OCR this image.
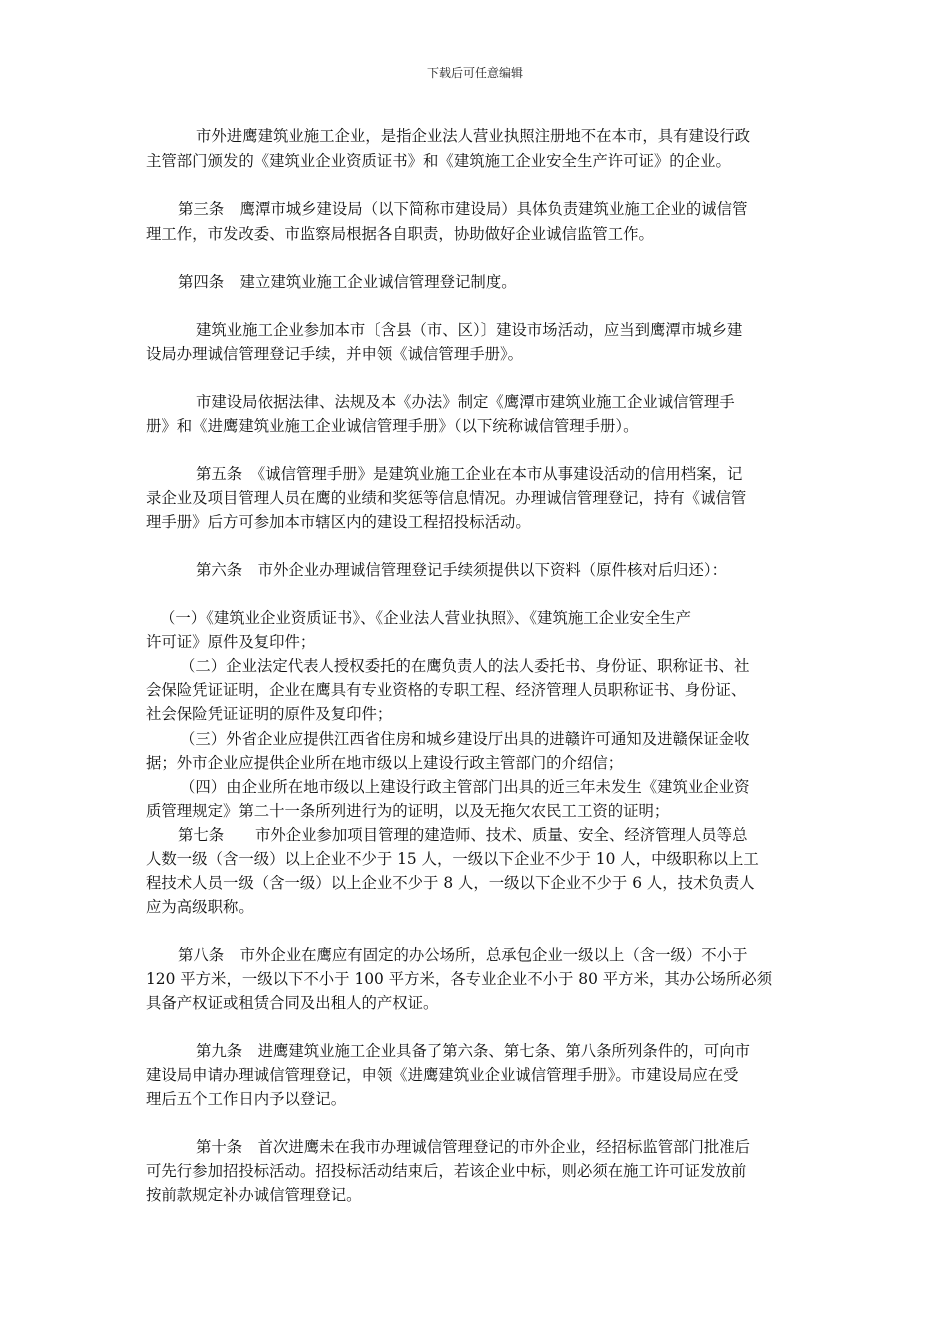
下载后可任意编辑
市外进鹰建筑业施工企业，是指企业法人营业执照注册地不在本市，具有建设行政
主管部门颁发的《建筑业企业资质证书》和《建筑施工企业安全生产许可证》的企业。
第三条　鹰潭市城乡建设局（以下简称市建设局）具体负责建筑业施工企业的诚信管
理工作，市发改委、市监察局根据各自职责，协助做好企业诚信监管工作。
第四条　建立建筑业施工企业诚信管理登记制度。
建筑业施工企业参加本市〔含县（市、区）〕建设市场活动，应当到鹰潭市城乡建
设局办理诚信管理登记手续，并申领《诚信管理手册》。
市建设局依据法律、法规及本《办法》制定《鹰潭市建筑业施工企业诚信管理手
册》和《进鹰建筑业施工企业诚信管理手册》（以下统称诚信管理手册）。
第五条　《诚信管理手册》是建筑业施工企业在本市从事建设活动的信用档案，记
录企业及项目管理人员在鹰的业绩和奖惩等信息情况。办理诚信管理登记，持有《诚信管
理手册》后方可参加本市辖区内的建设工程招投标活动。
第六条　市外企业办理诚信管理登记手续须提供以下资料（原件核对后归还）：
（一）《建筑业企业资质证书》、《企业法人营业执照》、《建筑施工企业安全生产
许可证》原件及复印件；
（二）企业法定代表人授权委托的在鹰负责人的法人委托书、身份证、职称证书、社
会保险凭证证明，企业在鹰具有专业资格的专职工程、经济管理人员职称证书、身份证、
社会保险凭证证明的原件及复印件；
（三）外省企业应提供江西省住房和城乡建设厅出具的进赣许可通知及进赣保证金收
据；外市企业应提供企业所在地市级以上建设行政主管部门的介绍信；
（四）由企业所在地市级以上建设行政主管部门出具的近三年未发生《建筑业企业资
质管理规定》第二十一条所列进行为的证明，以及无拖欠农民工工资的证明；
第七条　　市外企业参加项目管理的建造师、技术、质量、安全、经济管理人员等总
人数一级（含一级）以上企业不少于 15 人，一级以下企业不少于 10 人，中级职称以上工
程技术人员一级（含一级）以上企业不少于 8 人，一级以下企业不少于 6 人，技术负责人
应为高级职称。
第八条　市外企业在鹰应有固定的办公场所，总承包企业一级以上（含一级）不小于
120 平方米，一级以下不小于 100 平方米，各专业企业不小于 80 平方米，其办公场所必须
具备产权证或租赁合同及出租人的产权证。
第九条　进鹰建筑业施工企业具备了第六条、第七条、第八条所列条件的，可向市
建设局申请办理诚信管理登记，申领《进鹰建筑业企业诚信管理手册》。市建设局应在受
理后五个工作日内予以登记。
第十条　首次进鹰未在我市办理诚信管理登记的市外企业，经招标监管部门批准后
可先行参加招投标活动。招投标活动结束后，若该企业中标，则必须在施工许可证发放前
按前款规定补办诚信管理登记。
